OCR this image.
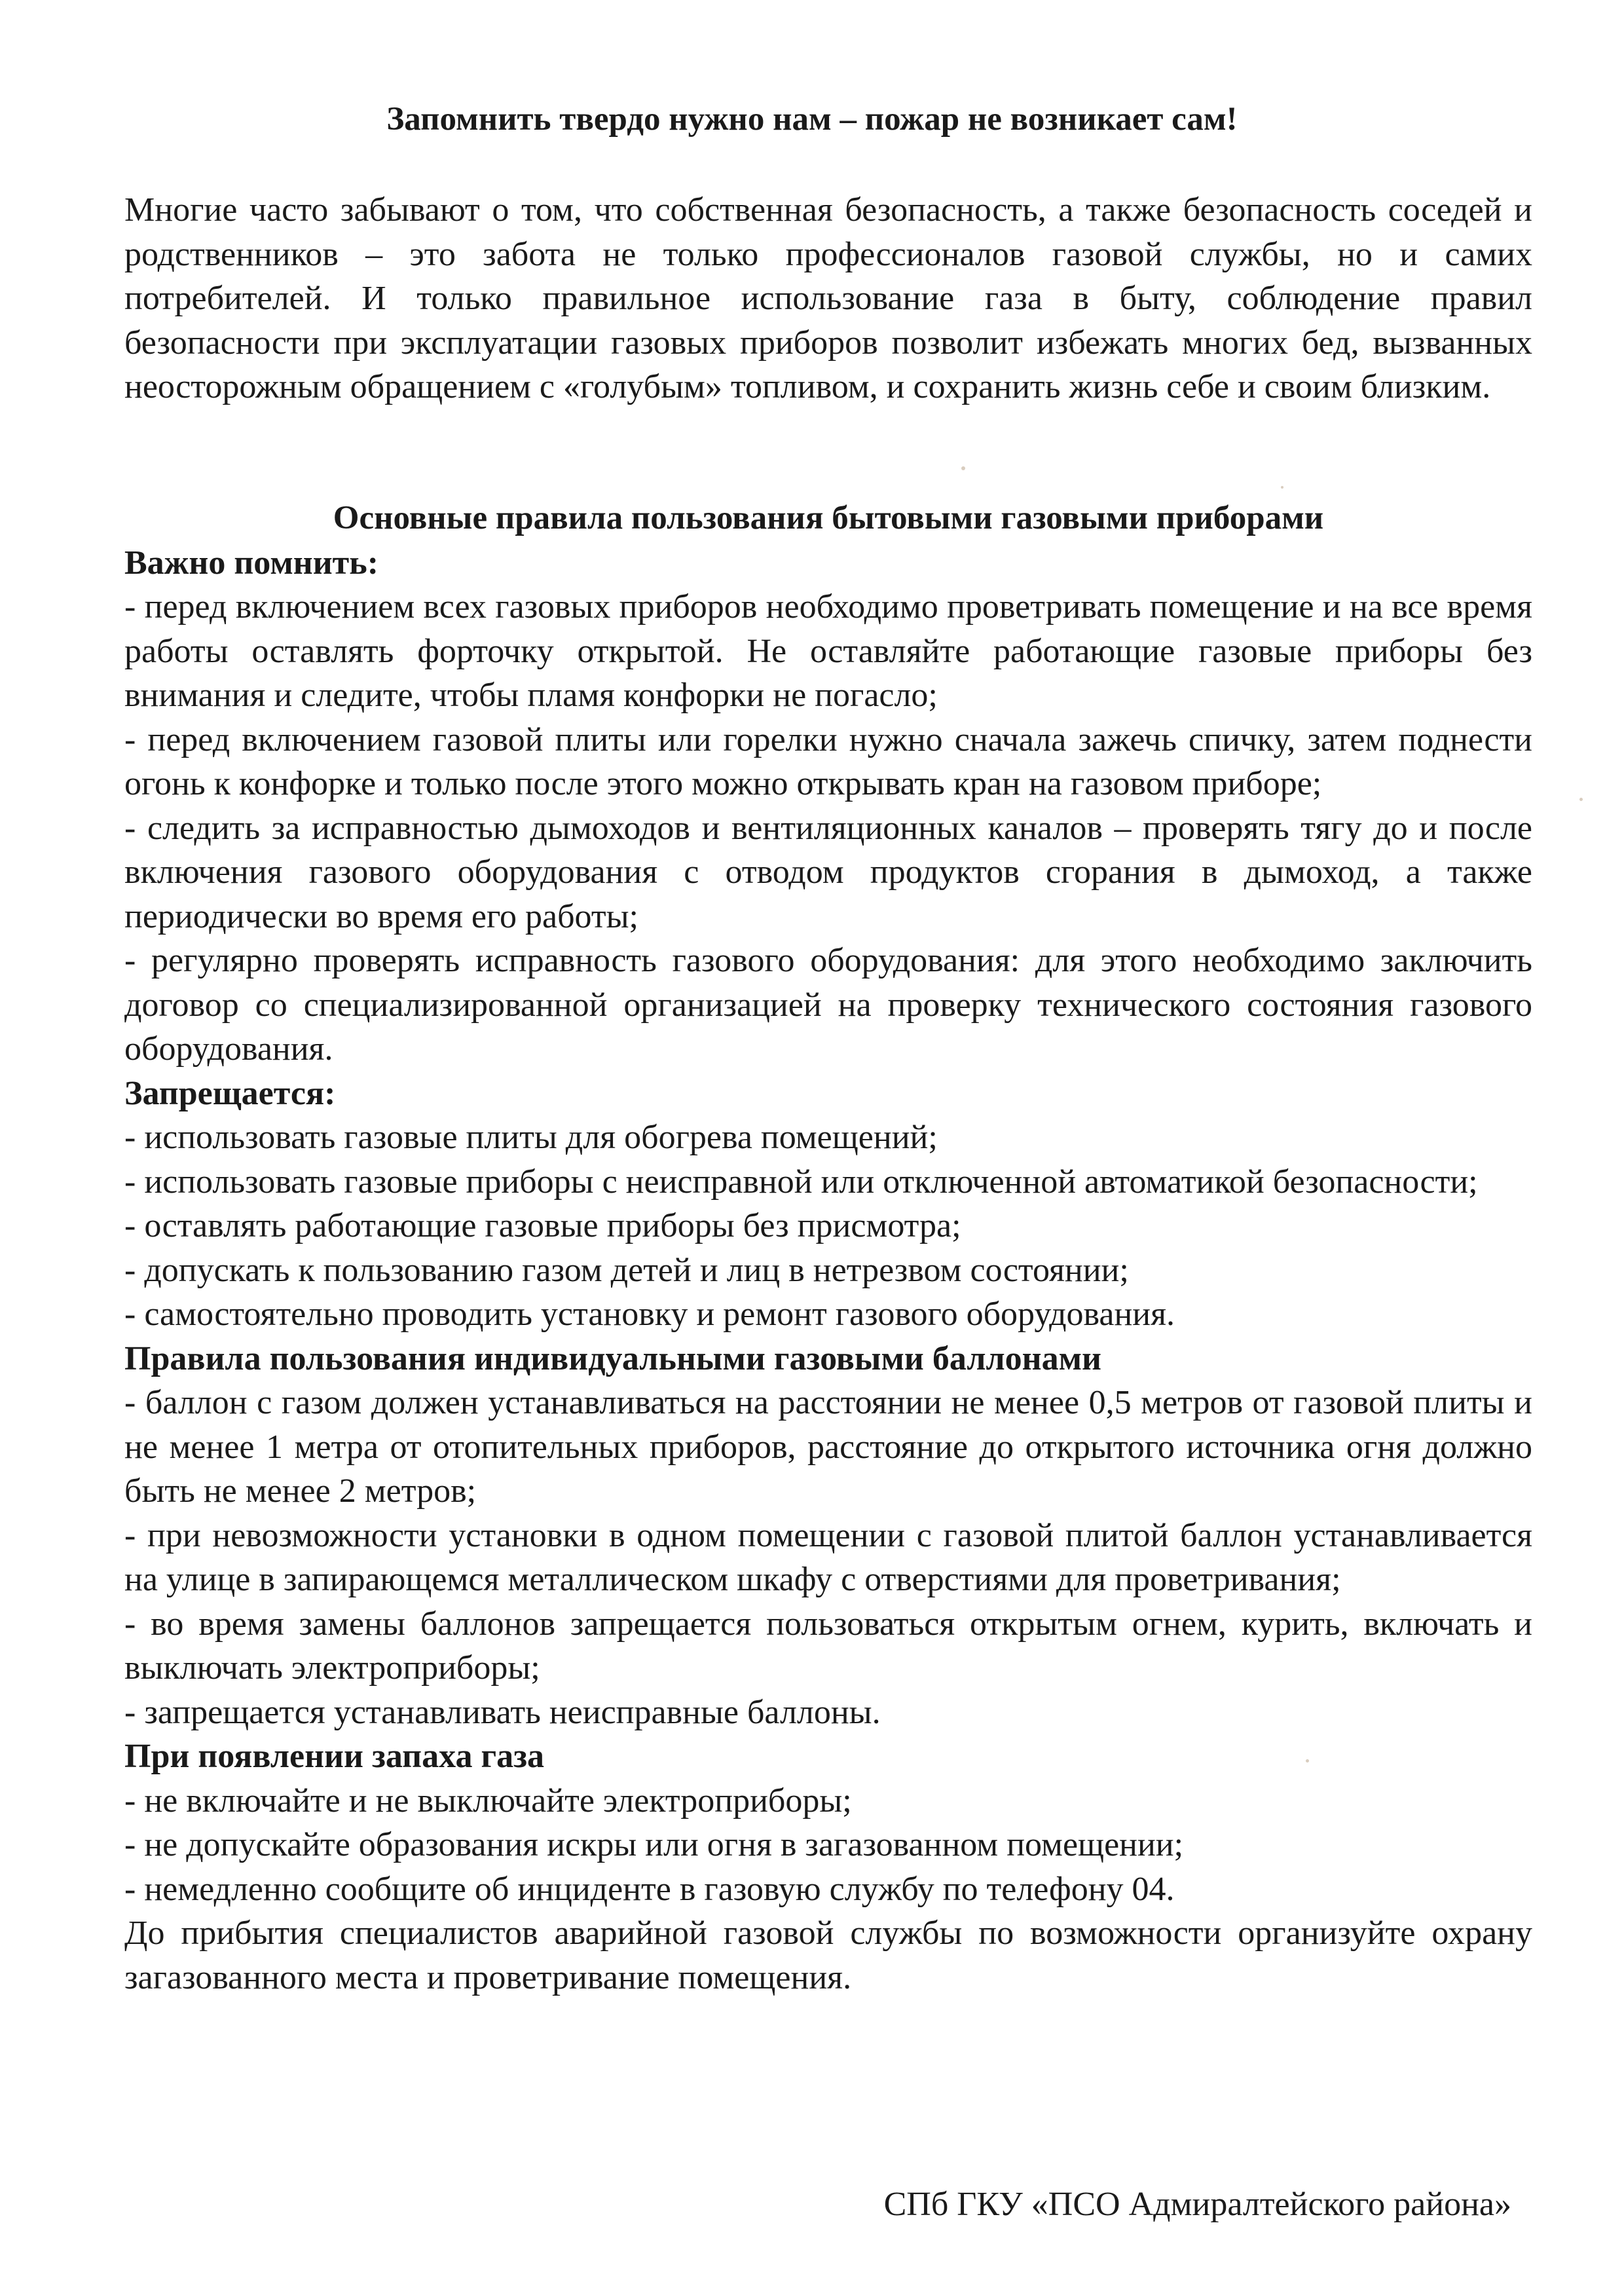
Запомнить твердо нужно нам – пожар не возникает сам!

Многие часто забывают о том, что собственная безопасность, а также безопасность соседей и родственников – это забота не только профессионалов газовой службы, но и самих потребителей. И только правильное использование газа в быту, соблюдение правил безопасности при эксплуатации газовых приборов позволит избежать многих бед, вызванных неосторожным обращением с «голубым» топливом, и сохранить жизнь себе и своим близким.

Основные правила пользования бытовыми газовыми приборами

Важно помнить:

- перед включением всех газовых приборов необходимо проветривать помещение и на все время работы оставлять форточку открытой. Не оставляйте работающие газовые приборы без внимания и следите, чтобы пламя конфорки не погасло;

- перед включением газовой плиты или горелки нужно сначала зажечь спичку, затем поднести огонь к конфорке и только после этого можно открывать кран на газовом приборе;

- следить за исправностью дымоходов и вентиляционных каналов – проверять тягу до и после включения газового оборудования с отводом продуктов сгорания в дымоход, а также периодически во время его работы;

- регулярно проверять исправность газового оборудования: для этого необходимо заключить договор со специализированной организацией на проверку технического состояния газового оборудования.

Запрещается:

- использовать газовые плиты для обогрева помещений;

- использовать газовые приборы с неисправной или отключенной автоматикой безопасности;

- оставлять работающие газовые приборы без присмотра;

- допускать к пользованию газом детей и лиц в нетрезвом состоянии;

- самостоятельно проводить установку и ремонт газового оборудования.

Правила пользования индивидуальными газовыми баллонами

- баллон с газом должен устанавливаться на расстоянии не менее 0,5 метров от газовой плиты и не менее 1 метра от отопительных приборов, расстояние до открытого источника огня должно быть не менее 2 метров;

- при невозможности установки в одном помещении с газовой плитой баллон устанавливается на улице в запирающемся металлическом шкафу с отверстиями для проветривания;

- во время замены баллонов запрещается пользоваться открытым огнем, курить, включать и выключать электроприборы;

- запрещается устанавливать неисправные баллоны.

При появлении запаха газа

- не включайте и не выключайте электроприборы;

- не допускайте образования искры или огня в загазованном помещении;

- немедленно сообщите об инциденте в газовую службу по телефону 04.

До прибытия специалистов аварийной газовой службы по возможности организуйте охрану загазованного места и проветривание помещения.

СПб ГКУ «ПСО Адмиралтейского района»
